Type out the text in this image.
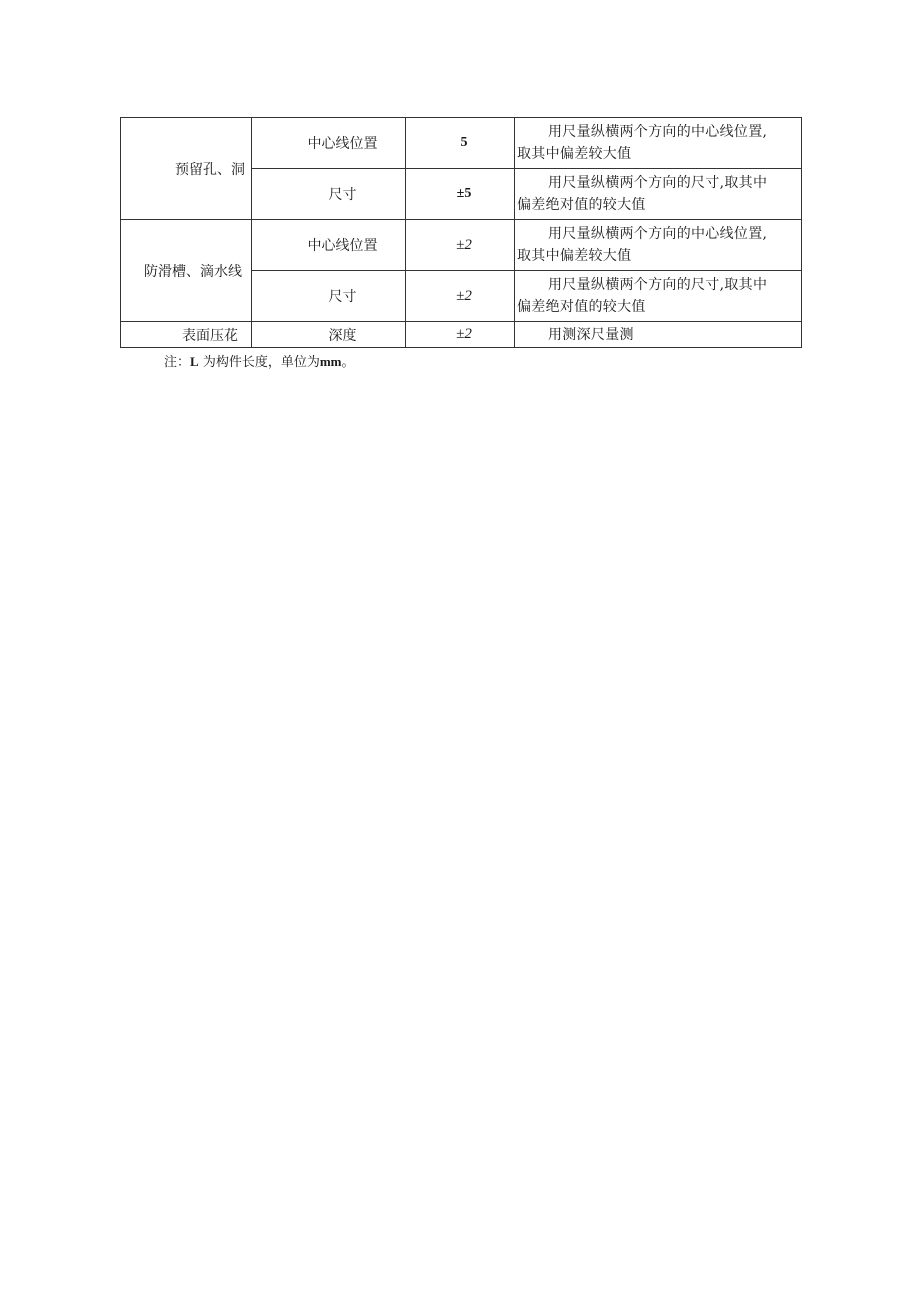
预留孔、洞	中心线位置	5	用尺量纵横两个方向的中心线位置,
取其中偏差较大值

	尺寸	±5	用尺量纵横两个方向的尺寸,取其中
偏差绝对值的较大值

防滑槽、滴水线	中心线位置	±2	用尺量纵横两个方向的中心线位置,
取其中偏差较大值

	尺寸	±2	用尺量纵横两个方向的尺寸,取其中
偏差绝对值的较大值

表面压花	深度	±2	用测深尺量测
注：L 为构件长度，单位为mm。
